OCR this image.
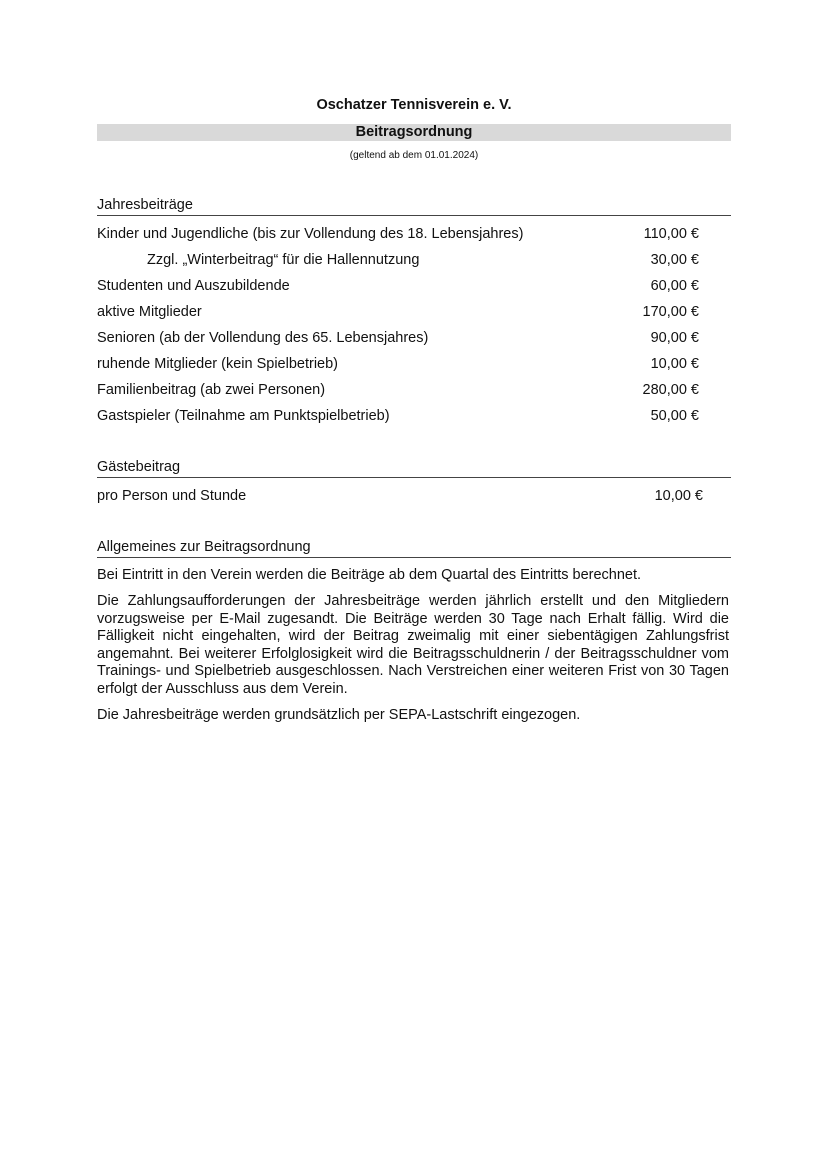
Oschatzer Tennisverein e. V.
Beitragsordnung
(geltend ab dem 01.01.2024)
Jahresbeiträge
Kinder und Jugendliche (bis zur Vollendung des 18. Lebensjahres)	110,00 €
Zzgl. „Winterbeitrag“ für die Hallennutzung	30,00 €
Studenten und Auszubildende	60,00 €
aktive Mitglieder	170,00 €
Senioren (ab der Vollendung des 65. Lebensjahres)	90,00 €
ruhende Mitglieder (kein Spielbetrieb)	10,00 €
Familienbeitrag (ab zwei Personen)	280,00 €
Gastspieler (Teilnahme am Punktspielbetrieb)	50,00 €
Gästebeitrag
pro Person und Stunde	10,00 €
Allgemeines zur Beitragsordnung

Bei Eintritt in den Verein werden die Beiträge ab dem Quartal des Eintritts berechnet.

Die Zahlungsaufforderungen der Jahresbeiträge werden jährlich erstellt und den Mitgliedern vorzugsweise per E-Mail zugesandt. Die Beiträge werden 30 Tage nach Erhalt fällig. Wird die Fälligkeit nicht eingehalten, wird der Beitrag zweimalig mit einer siebentägigen Zahlungsfrist angemahnt. Bei weiterer Erfolglosigkeit wird die Beitragsschuldnerin / der Beitragsschuldner vom Trainings- und Spielbetrieb ausgeschlossen. Nach Verstreichen einer weiteren Frist von 30 Tagen erfolgt der Ausschluss aus dem Verein.

Die Jahresbeiträge werden grundsätzlich per SEPA-Lastschrift eingezogen.
